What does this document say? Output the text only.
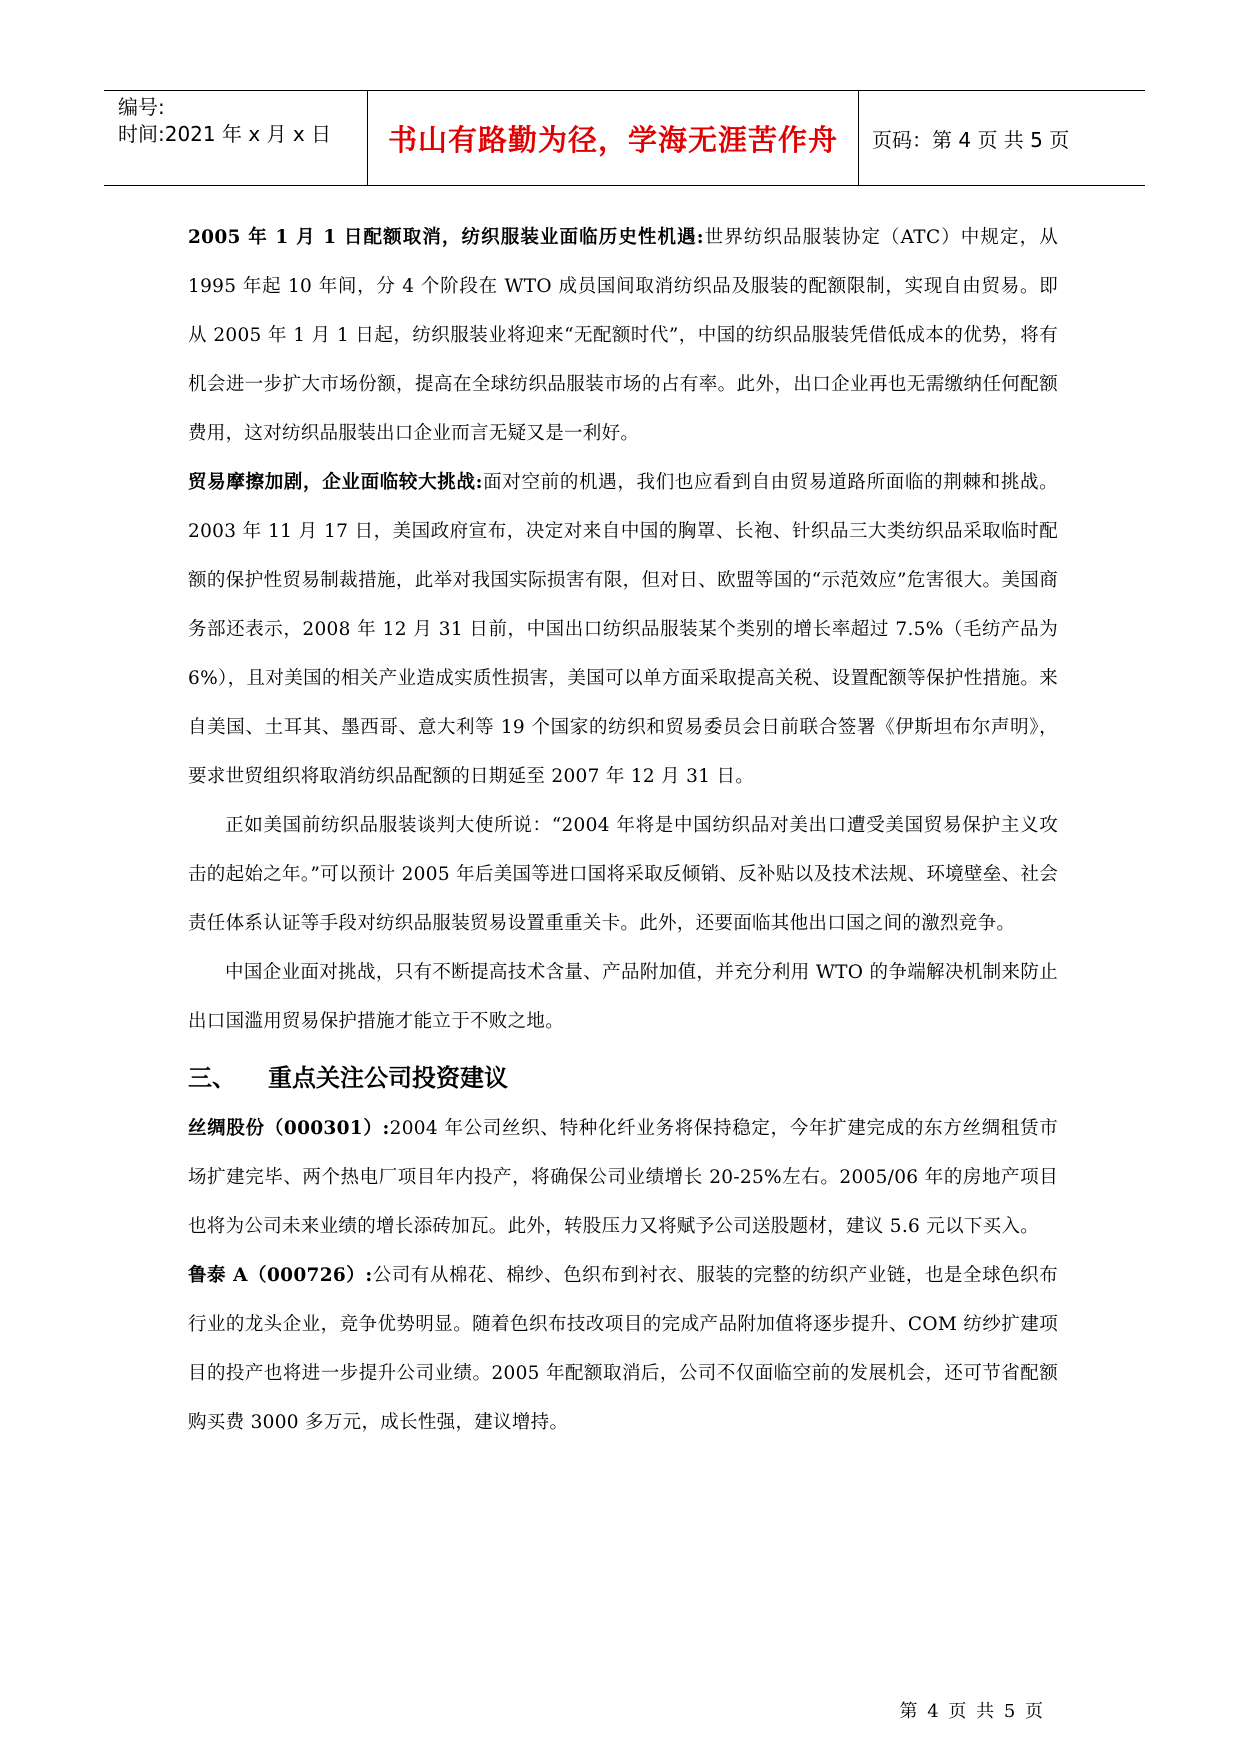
编号:
时间:2021 年 x 月 x 日	书山有路勤为径，学海无涯苦作舟	页码：第 4 页 共 5 页

2005 年 1 月 1 日配额取消，纺织服装业面临历史性机遇:世界纺织品服装协定（ATC）中规定，从 1995 年起 10 年间，分 4 个阶段在 WTO 成员国间取消纺织品及服装的配额限制，实现自由贸易。即从 2005 年 1 月 1 日起，纺织服装业将迎来“无配额时代”，中国的纺织品服装凭借低成本的优势，将有机会进一步扩大市场份额，提高在全球纺织品服装市场的占有率。此外，出口企业再也无需缴纳任何配额费用，这对纺织品服装出口企业而言无疑又是一利好。

贸易摩擦加剧，企业面临较大挑战:面对空前的机遇，我们也应看到自由贸易道路所面临的荆棘和挑战。2003 年 11 月 17 日，美国政府宣布，决定对来自中国的胸罩、长袍、针织品三大类纺织品采取临时配额的保护性贸易制裁措施，此举对我国实际损害有限，但对日、欧盟等国的“示范效应”危害很大。美国商务部还表示，2008 年 12 月 31 日前，中国出口纺织品服装某个类别的增长率超过 7.5%（毛纺产品为 6%），且对美国的相关产业造成实质性损害，美国可以单方面采取提高关税、设置配额等保护性措施。来自美国、土耳其、墨西哥、意大利等 19 个国家的纺织和贸易委员会日前联合签署《伊斯坦布尔声明》，要求世贸组织将取消纺织品配额的日期延至 2007 年 12 月 31 日。

正如美国前纺织品服装谈判大使所说：“2004 年将是中国纺织品对美出口遭受美国贸易保护主义攻击的起始之年。”可以预计 2005 年后美国等进口国将采取反倾销、反补贴以及技术法规、环境壁垒、社会责任体系认证等手段对纺织品服装贸易设置重重关卡。此外，还要面临其他出口国之间的激烈竞争。

中国企业面对挑战，只有不断提高技术含量、产品附加值，并充分利用 WTO 的争端解决机制来防止出口国滥用贸易保护措施才能立于不败之地。

三、 重点关注公司投资建议

丝绸股份（000301）:2004 年公司丝织、特种化纤业务将保持稳定，今年扩建完成的东方丝绸租赁市场扩建完毕、两个热电厂项目年内投产，将确保公司业绩增长 20-25%左右。2005/06 年的房地产项目也将为公司未来业绩的增长添砖加瓦。此外，转股压力又将赋予公司送股题材，建议 5.6 元以下买入。

鲁泰 A（000726）:公司有从棉花、棉纱、色织布到衬衣、服装的完整的纺织产业链，也是全球色织布行业的龙头企业，竞争优势明显。随着色织布技改项目的完成产品附加值将逐步提升、COM 纺纱扩建项目的投产也将进一步提升公司业绩。2005 年配额取消后，公司不仅面临空前的发展机会，还可节省配额购买费 3000 多万元，成长性强，建议增持。

第 4 页 共 5 页
